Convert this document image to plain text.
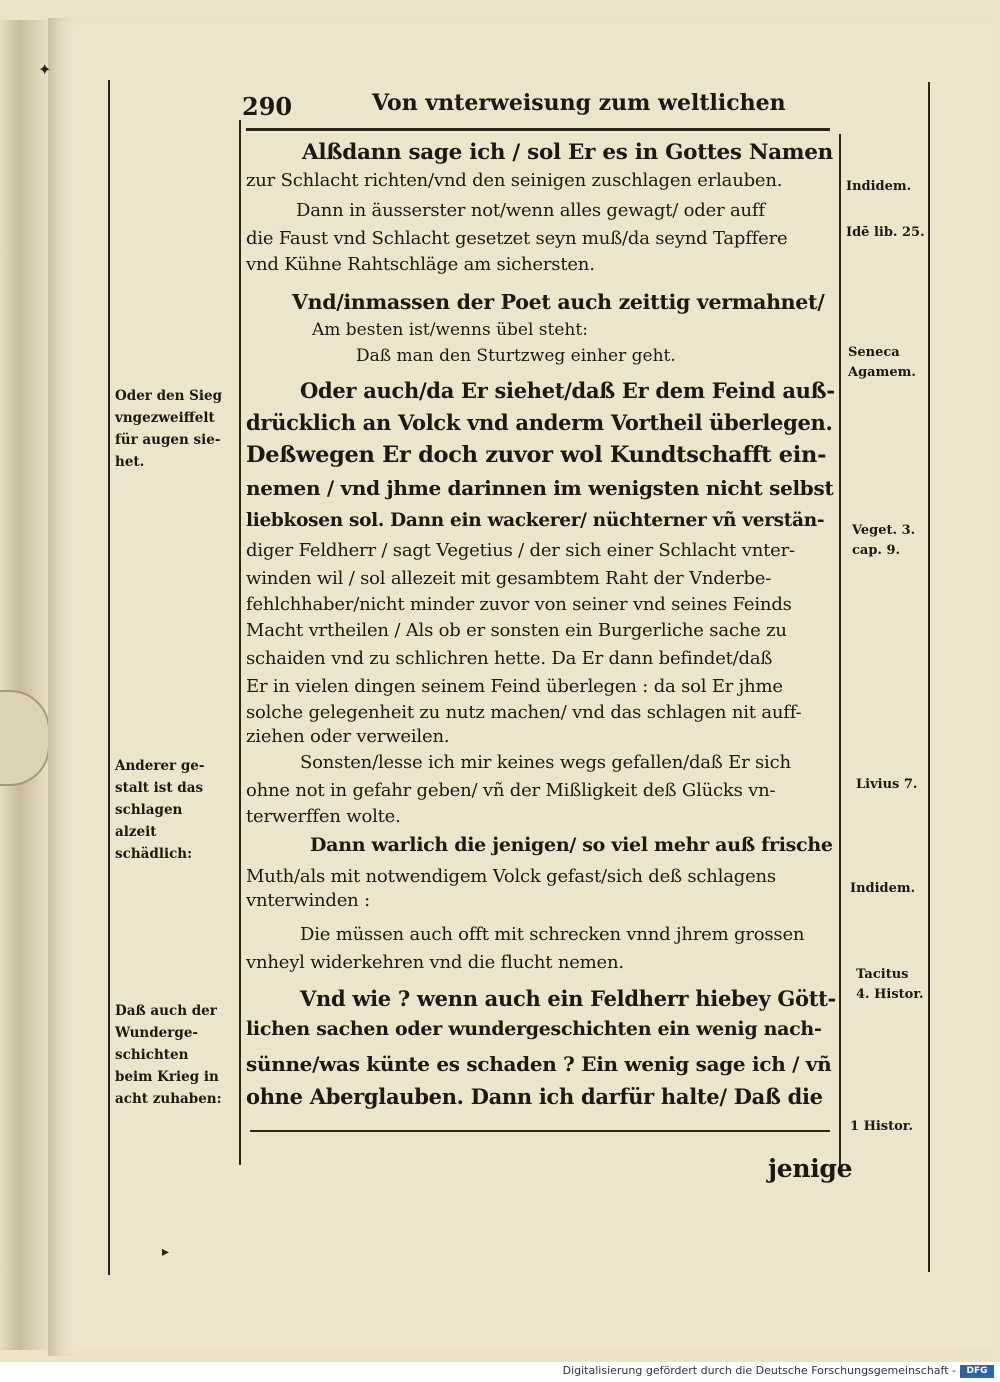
290	Von vnterweisung zum weltlichen
Alßdann sage ich / sol Er es in Gottes Namen
zur Schlacht richten/vnd den seinigen zuschlagen erlauben.
Dann in äusserster not/wenn alles gewagt/ oder auff
die Faust vnd Schlacht gesetzet seyn muß/da seynd Tapffere
vnd Kühne Rahtschläge am sichersten.
Vnd/inmassen der Poet auch zeittig vermahnet/
Am besten ist/wenns übel steht:
Daß man den Sturtzweg einher geht.
Oder auch/da Er siehet/daß Er dem Feind auß-
drücklich an Volck vnd anderm Vortheil überlegen.
Deßwegen Er doch zuvor wol Kundtschafft ein-
nemen / vnd jhme darinnen im wenigsten nicht selbst
liebkosen sol. Dann ein wackerer/ nüchterner vñ verstän-
diger Feldherr / sagt Vegetius / der sich einer Schlacht vnter-
winden wil / sol allezeit mit gesambtem Raht der Vnderbe-
fehlchhaber/nicht minder zuvor von seiner vnd seines Feinds
Macht vrtheilen / Als ob er sonsten ein Burgerliche sache zu
schaiden vnd zu schlichren hette. Da Er dann befindet/daß
Er in vielen dingen seinem Feind überlegen : da sol Er jhme
solche gelegenheit zu nutz machen/ vnd das schlagen nit auff-
ziehen oder verweilen.
Sonsten/lesse ich mir keines wegs gefallen/daß Er sich
ohne not in gefahr geben/ vñ der Mißligkeit deß Glücks vn-
terwerffen wolte.
Dann warlich die jenigen/ so viel mehr auß frische
Muth/als mit notwendigem Volck gefast/sich deß schlagens
vnterwinden :
Die müssen auch offt mit schrecken vnnd jhrem grossen
vnheyl widerkehren vnd die flucht nemen.
Vnd wie ? wenn auch ein Feldherr hiebey Gött-
lichen sachen oder wundergeschichten ein wenig nach-
sünne/was künte es schaden ? Ein wenig sage ich / vñ
ohne Aberglauben. Dann ich darfür halte/ Daß die
jenige
Oder den Sieg vngezweiffelt für augen sie- het.
Anderer ge- stalt ist das schlagen alzeit schädlich:
Daß auch der Wunderge- schichten beim Krieg in acht zuhaben:
Indidem.
Idē lib. 25.
Seneca
Agamem.
Veget. 3.
cap. 9.
Livius 7.
Indidem.
Tacitus
4. Histor.
1 Histor.
✦
▸
Digitalisierung gefördert durch die Deutsche Forschungsgemeinschaft -	DFG
